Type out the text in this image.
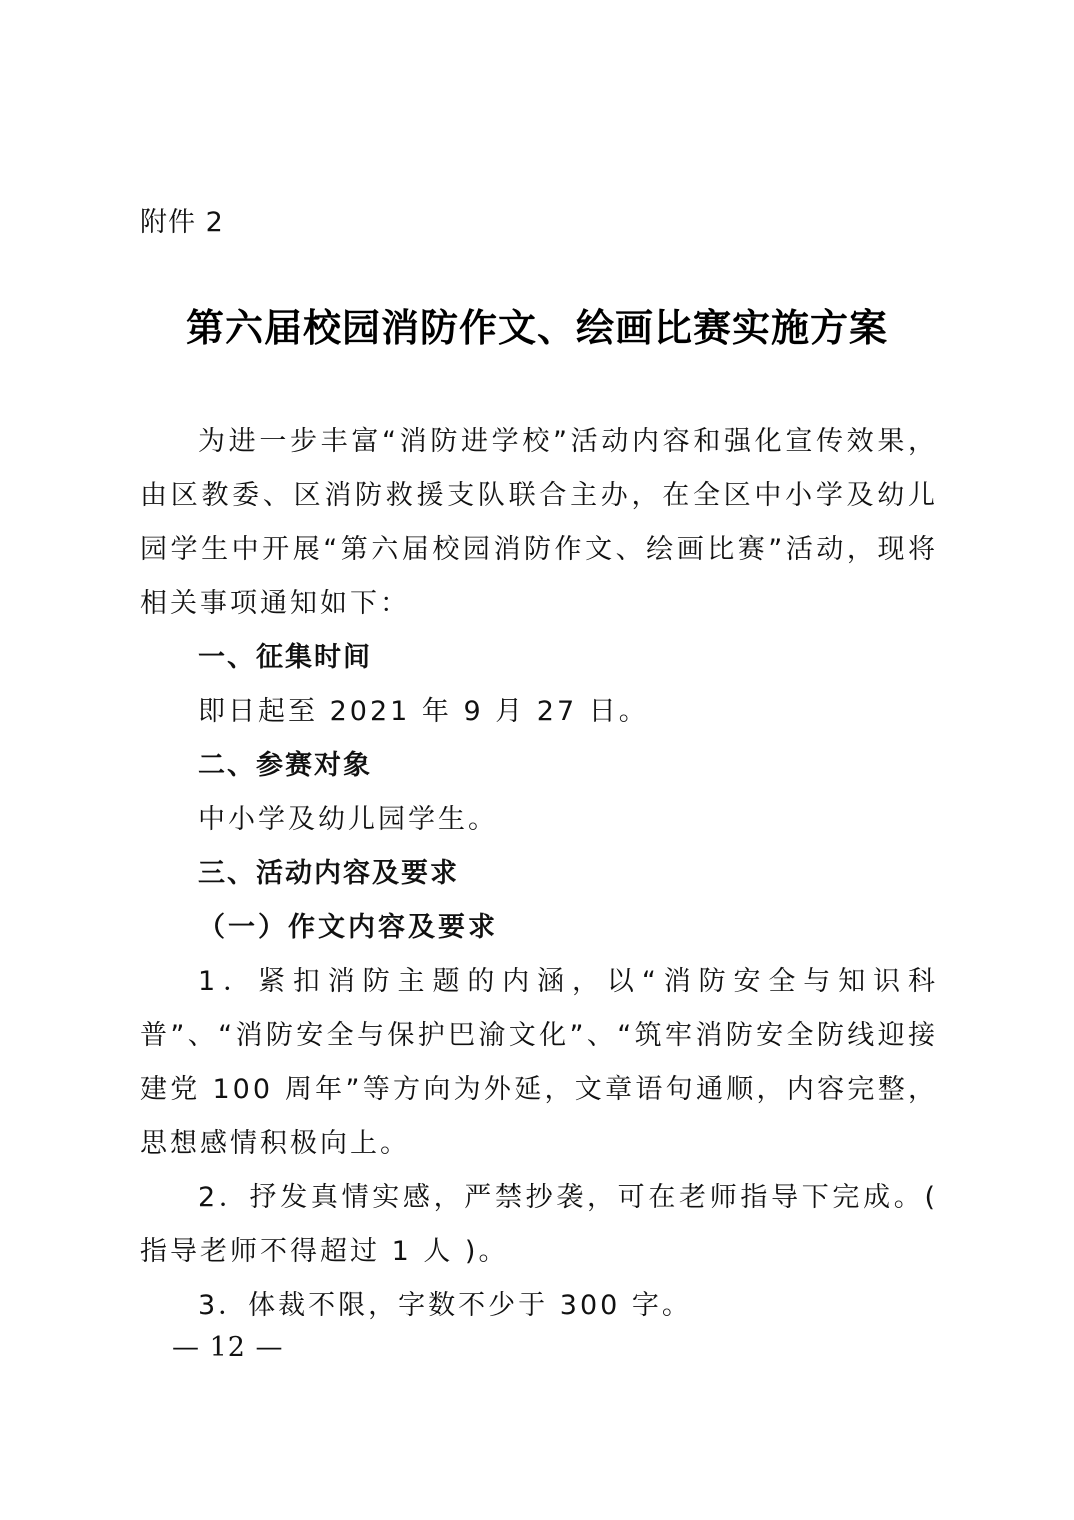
附件 2
第六届校园消防作文、绘画比赛实施方案

为进一步丰富“消防进学校”活动内容和强化宣传效果，由区教委、区消防救援支队联合主办，在全区中小学及幼儿园学生中开展“第六届校园消防作文、绘画比赛”活动，现将相关事项通知如下：

一、征集时间

即日起至 2021 年 9 月 27 日。

二、参赛对象

中小学及幼儿园学生。

三、活动内容及要求

（一）作文内容及要求

1．紧扣消防主题的内涵，以“消防安全与知识科普”、“消防安全与保护巴渝文化”、“筑牢消防安全防线迎接建党 100 周年”等方向为外延，文章语句通顺，内容完整，思想感情积极向上。

2．抒发真情实感，严禁抄袭，可在老师指导下完成。( 指导老师不得超过 1 人 )。

3．体裁不限，字数不少于 300 字。

— 12 —
